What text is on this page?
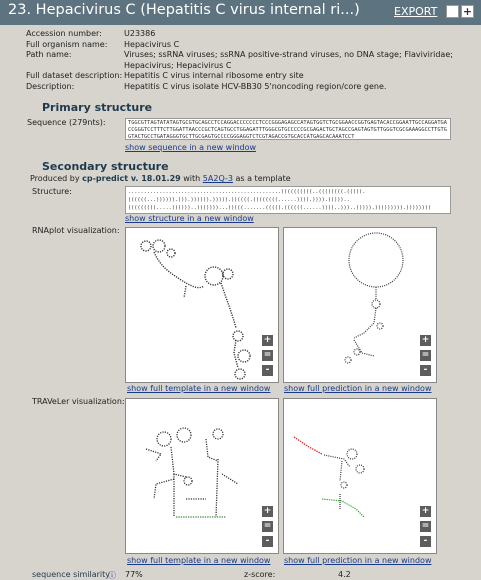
23. Hepacivirus C (Hepatitis C virus internal ri...)	EXPORT +
Accession number:	U23386
Full organism name:	Hepacivirus C
Path name:	Viruses; ssRNA viruses; ssRNA positive-strand viruses, no DNA stage; Flaviviridae; Hepacivirus; Hepacivirus C
Full dataset description: Hepatitis C virus internal ribosome entry site
Description:	Hepatitis C virus isolate HCV-BB30 5'noncoding region/core gene.
Primary structure
Sequence (279nts):	TGGCGTTAGTATATAGTGCGTGCAGCCTCCAGGACCCCCCCTCCCGGGAGAGCCATAGTGGTCTGCGGAACCGGTGAGTACACCGGAATTGCCAGGATGACCGGGTCCTTTCTTGGATTAACCCGCTCAGTGCCTGGAGATTTGGGCGTGCCCCCGCGAGACTGCTAGCCGAGTAGTGTTGGGTCGCGAAAGGCCTTGTGGTACTGCCTGATAGGGTGCTTGCGAGTGCCCCGGGAGGTCTCGTAGACCGTGCACCATGAGCACAAATCCT
show sequence in a new window
Secondary structure
Produced by cp-predict v. 18.01.29 with 5A2Q-3 as a template
Structure:	.................................................((((((((((..((((((((.(((((.((((((...)))))).))).)))))).))))).))((((.((((((((......)))).)))).)))))..(((((((((.....))))))..)))))))...))(((.......(((((.((((((......))))..)))..))))).))))))))).))))))))
show structure in a new window
RNAplot visualization:
+
=
-
+
=
-
show full template in a new window show full prediction in a new window
TRAVeLer visualization:
+
=
-
+
=
-
show full template in a new window show full prediction in a new window
sequence similarity
ⓘ 77%	z-score:	4.2
